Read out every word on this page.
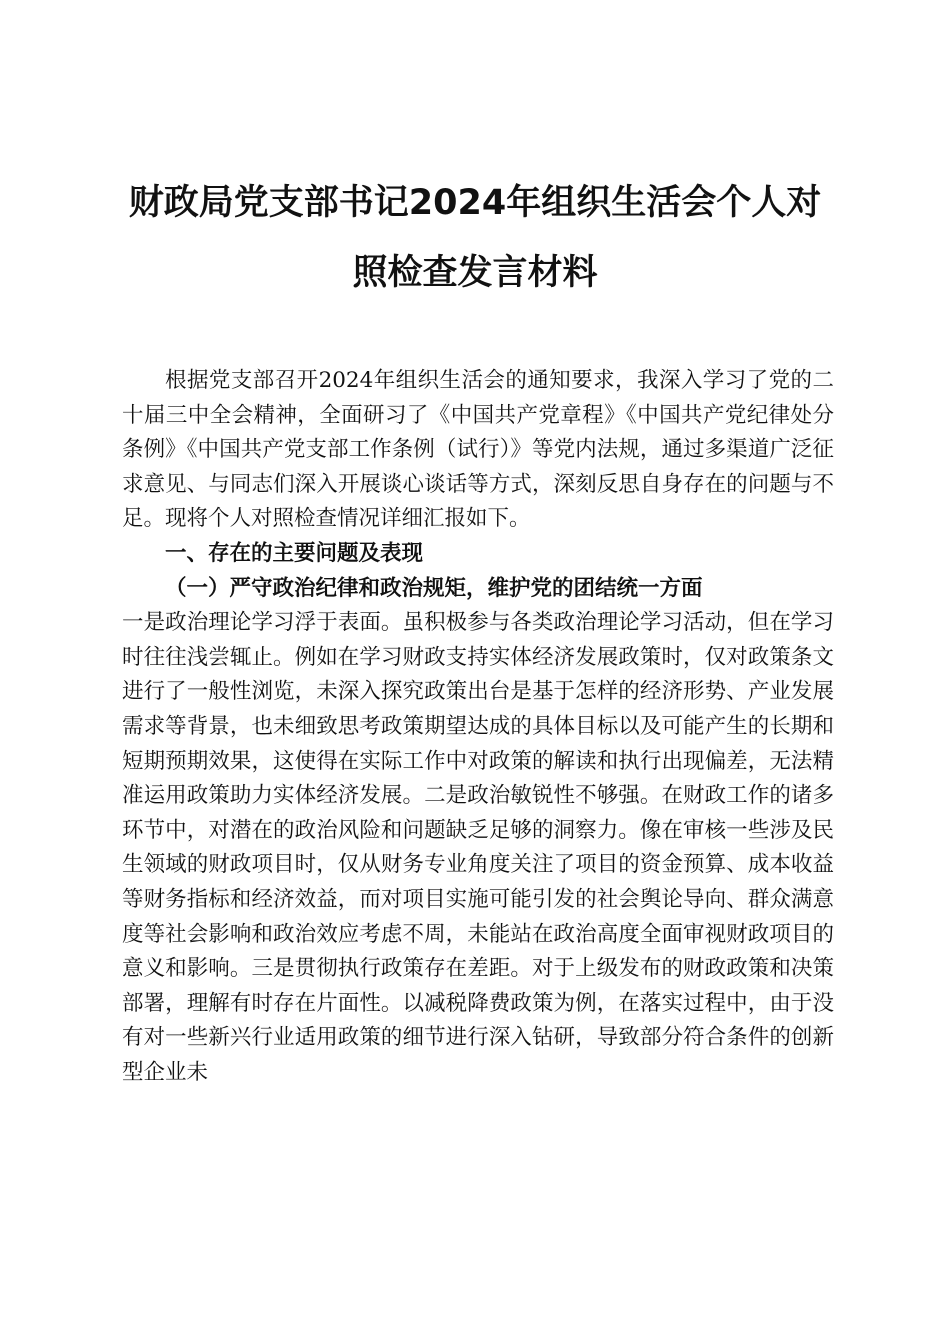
财政局党支部书记2024年组织生活会个人对
照检查发言材料

根据党支部召开2024年组织生活会的通知要求，我深入学习了党的二十届三中全会精神，全面研习了《中国共产党章程》《中国共产党纪律处分条例》《中国共产党支部工作条例（试行）》等党内法规，通过多渠道广泛征求意见、与同志们深入开展谈心谈话等方式，深刻反思自身存在的问题与不足。现将个人对照检查情况详细汇报如下。

一、存在的主要问题及表现

（一）严守政治纪律和政治规矩，维护党的团结统一方面

一是政治理论学习浮于表面。虽积极参与各类政治理论学习活动，但在学习时往往浅尝辄止。例如在学习财政支持实体经济发展政策时，仅对政策条文进行了一般性浏览，未深入探究政策出台是基于怎样的经济形势、产业发展需求等背景，也未细致思考政策期望达成的具体目标以及可能产生的长期和短期预期效果，这使得在实际工作中对政策的解读和执行出现偏差，无法精准运用政策助力实体经济发展。二是政治敏锐性不够强。在财政工作的诸多环节中，对潜在的政治风险和问题缺乏足够的洞察力。像在审核一些涉及民生领域的财政项目时，仅从财务专业角度关注了项目的资金预算、成本收益等财务指标和经济效益，而对项目实施可能引发的社会舆论导向、群众满意度等社会影响和政治效应考虑不周，未能站在政治高度全面审视财政项目的意义和影响。三是贯彻执行政策存在差距。对于上级发布的财政政策和决策部署，理解有时存在片面性。以减税降费政策为例，在落实过程中，由于没有对一些新兴行业适用政策的细节进行深入钻研，导致部分符合条件的创新型企业未
